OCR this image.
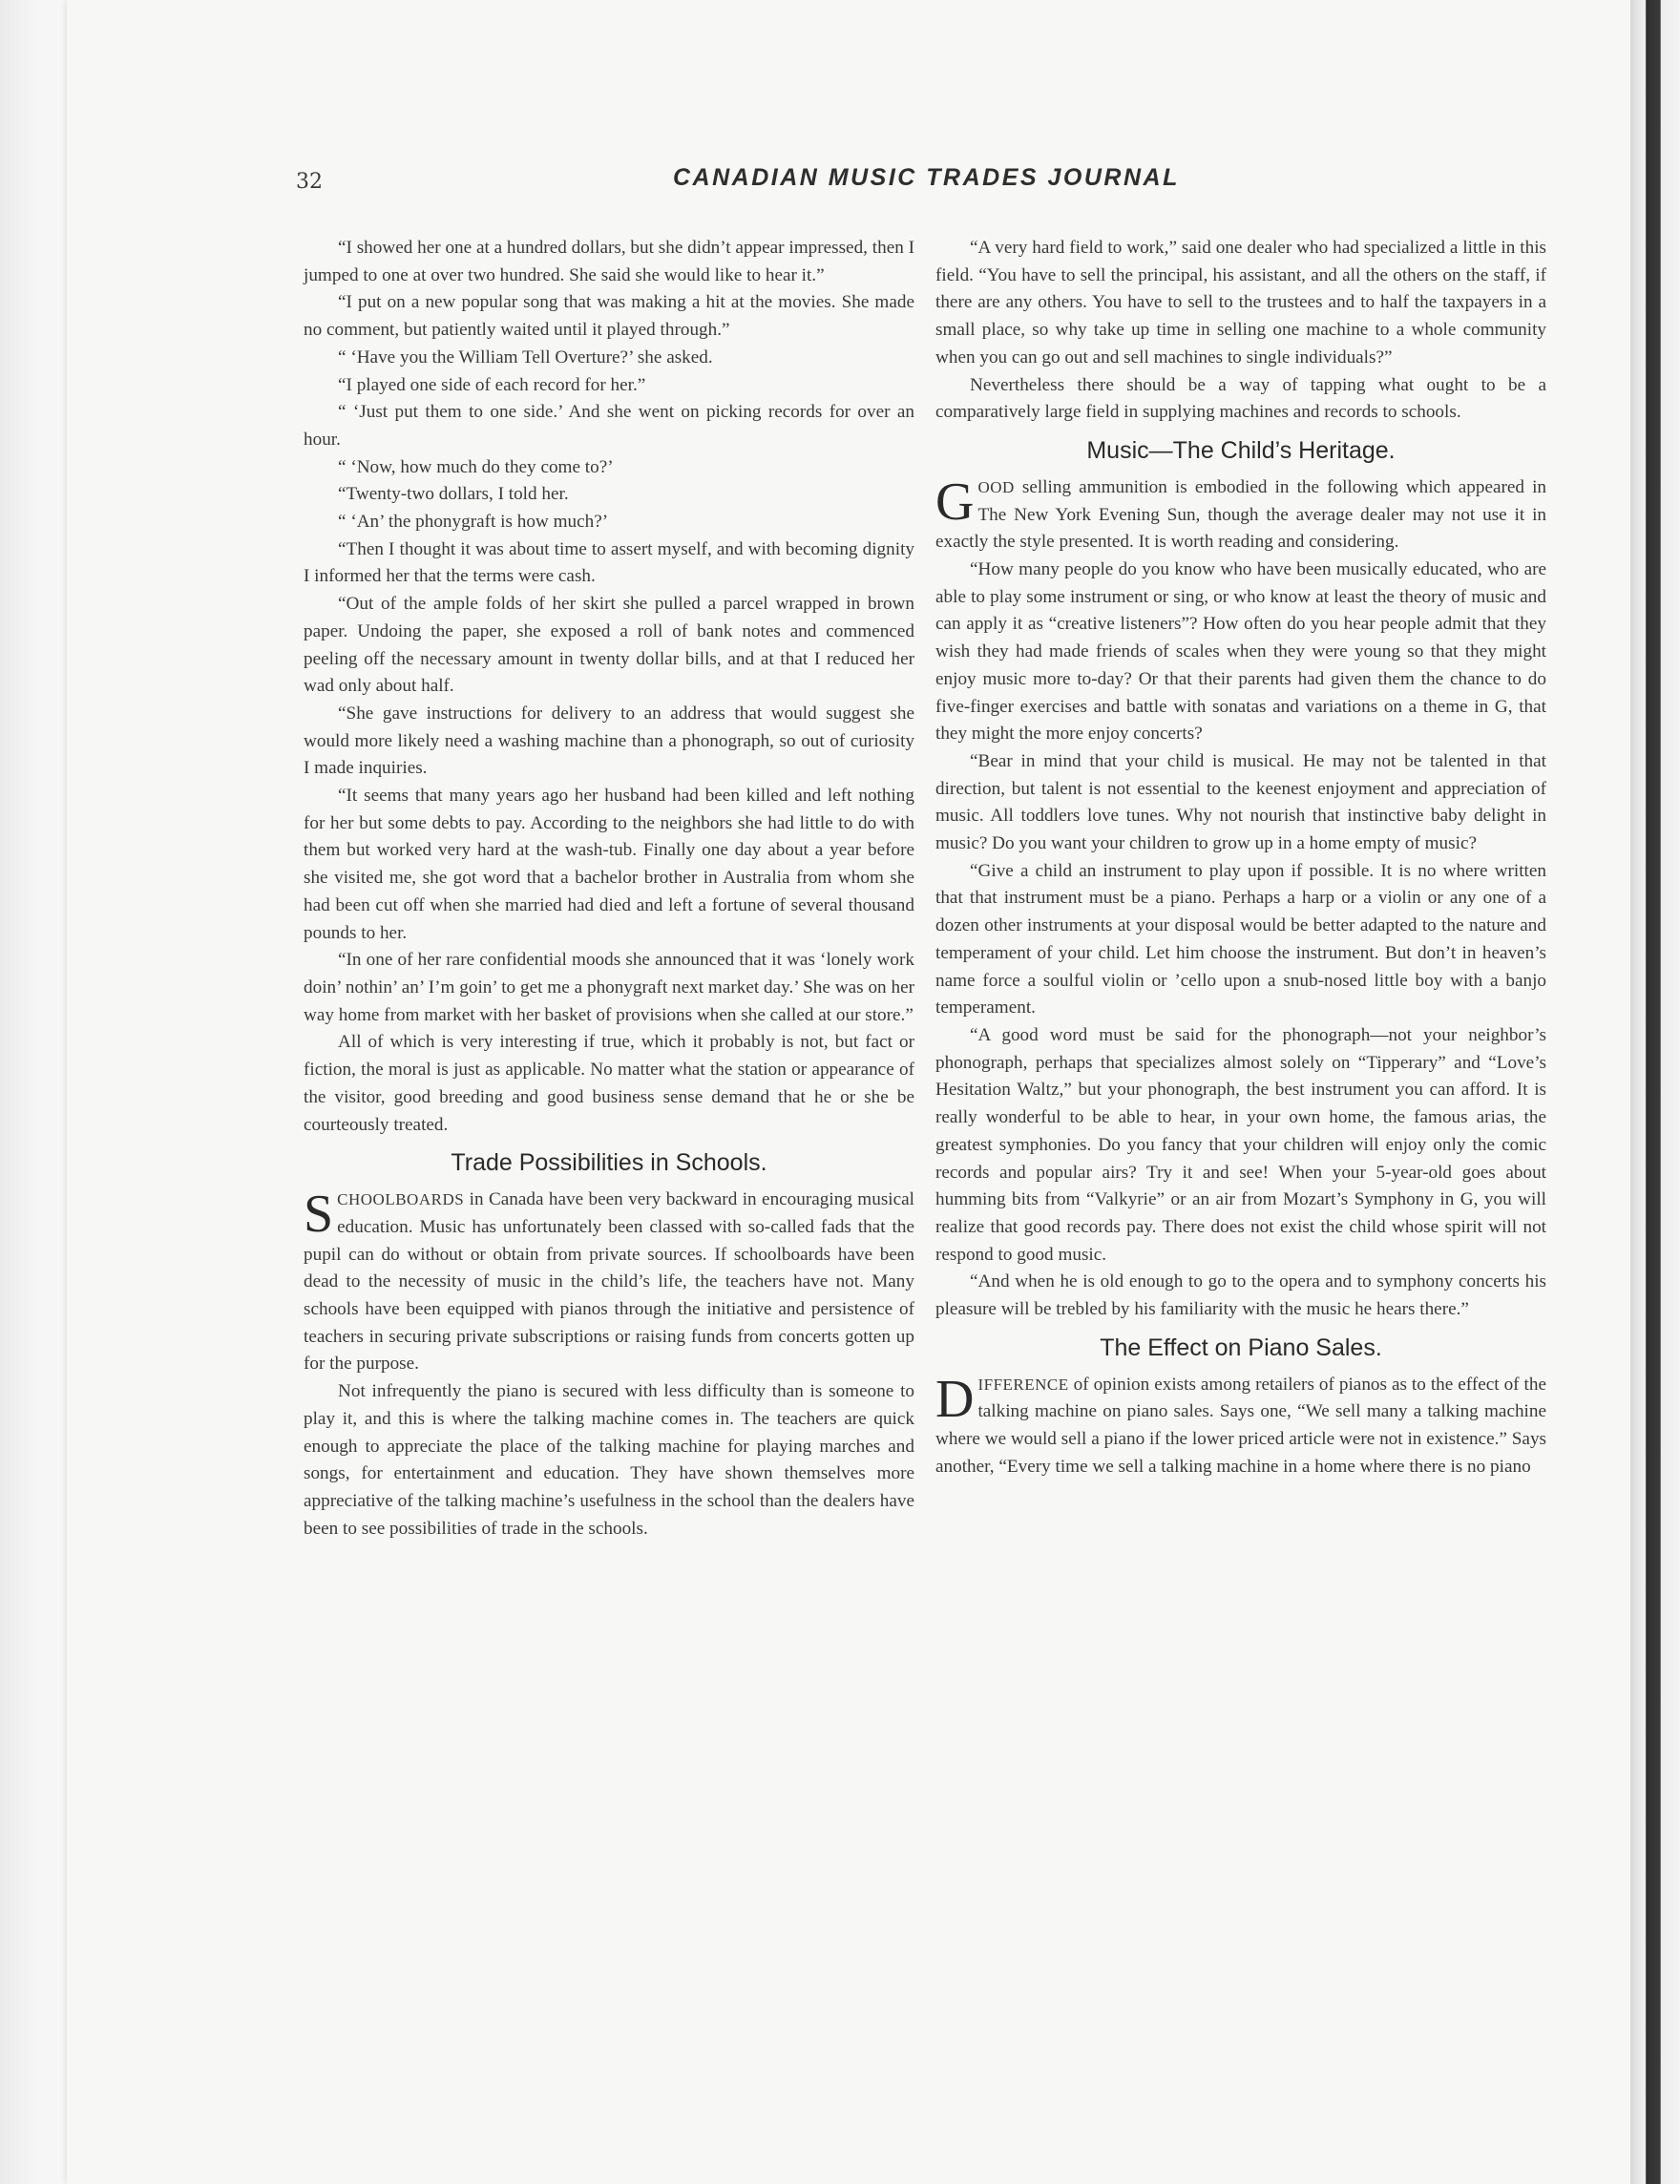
32	CANADIAN MUSIC TRADES JOURNAL

“I showed her one at a hundred dollars, but she didn’t appear impressed, then I jumped to one at over two hundred. She said she would like to hear it.”

“I put on a new popular song that was making a hit at the movies. She made no comment, but patiently waited until it played through.”

“ ‘Have you the William Tell Overture?’ she asked.

“I played one side of each record for her.”

“ ‘Just put them to one side.’ And she went on picking records for over an hour.

“ ‘Now, how much do they come to?’

“Twenty-two dollars, I told her.

“ ‘An’ the phonygraft is how much?’

“Then I thought it was about time to assert myself, and with becoming dignity I informed her that the terms were cash.

“Out of the ample folds of her skirt she pulled a parcel wrapped in brown paper. Undoing the paper, she exposed a roll of bank notes and commenced peeling off the necessary amount in twenty dollar bills, and at that I reduced her wad only about half.

“She gave instructions for delivery to an address that would suggest she would more likely need a washing machine than a phonograph, so out of curiosity I made inquiries.

“It seems that many years ago her husband had been killed and left nothing for her but some debts to pay. According to the neighbors she had little to do with them but worked very hard at the wash-tub. Finally one day about a year before she visited me, she got word that a bachelor brother in Australia from whom she had been cut off when she married had died and left a fortune of several thousand pounds to her.

“In one of her rare confidential moods she announced that it was ‘lonely work doin’ nothin’ an’ I’m goin’ to get me a phonygraft next market day.’ She was on her way home from market with her basket of provisions when she called at our store.”

All of which is very interesting if true, which it probably is not, but fact or fiction, the moral is just as applicable. No matter what the station or appearance of the visitor, good breeding and good business sense demand that he or she be courteously treated.

Trade Possibilities in Schools.

SCHOOLBOARDS in Canada have been very backward in encouraging musical education. Music has unfortunately been classed with so-called fads that the pupil can do without or obtain from private sources. If schoolboards have been dead to the necessity of music in the child’s life, the teachers have not. Many schools have been equipped with pianos through the initiative and persistence of teachers in securing private subscriptions or raising funds from concerts gotten up for the purpose.

Not infrequently the piano is secured with less difficulty than is someone to play it, and this is where the talking machine comes in. The teachers are quick enough to appreciate the place of the talking machine for playing marches and songs, for entertainment and education. They have shown themselves more appreciative of the talking machine’s usefulness in the school than the dealers have been to see possibilities of trade in the schools.

“A very hard field to work,” said one dealer who had specialized a little in this field. “You have to sell the principal, his assistant, and all the others on the staff, if there are any others. You have to sell to the trustees and to half the taxpayers in a small place, so why take up time in selling one machine to a whole community when you can go out and sell machines to single individuals?”

Nevertheless there should be a way of tapping what ought to be a comparatively large field in supplying machines and records to schools.

Music—The Child’s Heritage.

GOOD selling ammunition is embodied in the following which appeared in The New York Evening Sun, though the average dealer may not use it in exactly the style presented. It is worth reading and considering.

“How many people do you know who have been musically educated, who are able to play some instrument or sing, or who know at least the theory of music and can apply it as “creative listeners”? How often do you hear people admit that they wish they had made friends of scales when they were young so that they might enjoy music more to-day? Or that their parents had given them the chance to do five-finger exercises and battle with sonatas and variations on a theme in G, that they might the more enjoy concerts?

“Bear in mind that your child is musical. He may not be talented in that direction, but talent is not essential to the keenest enjoyment and appreciation of music. All toddlers love tunes. Why not nourish that instinctive baby delight in music? Do you want your children to grow up in a home empty of music?

“Give a child an instrument to play upon if possible. It is no where written that that instrument must be a piano. Perhaps a harp or a violin or any one of a dozen other instruments at your disposal would be better adapted to the nature and temperament of your child. Let him choose the instrument. But don’t in heaven’s name force a soulful violin or ’cello upon a snub-nosed little boy with a banjo temperament.

“A good word must be said for the phonograph—not your neighbor’s phonograph, perhaps that specializes almost solely on “Tipperary” and “Love’s Hesitation Waltz,” but your phonograph, the best instrument you can afford. It is really wonderful to be able to hear, in your own home, the famous arias, the greatest symphonies. Do you fancy that your children will enjoy only the comic records and popular airs? Try it and see! When your 5-year-old goes about humming bits from “Valkyrie” or an air from Mozart’s Symphony in G, you will realize that good records pay. There does not exist the child whose spirit will not respond to good music.

“And when he is old enough to go to the opera and to symphony concerts his pleasure will be trebled by his familiarity with the music he hears there.”

The Effect on Piano Sales.

DIFFERENCE of opinion exists among retailers of pianos as to the effect of the talking machine on piano sales. Says one, “We sell many a talking machine where we would sell a piano if the lower priced article were not in existence.” Says another, “Every time we sell a talking machine in a home where there is no piano
